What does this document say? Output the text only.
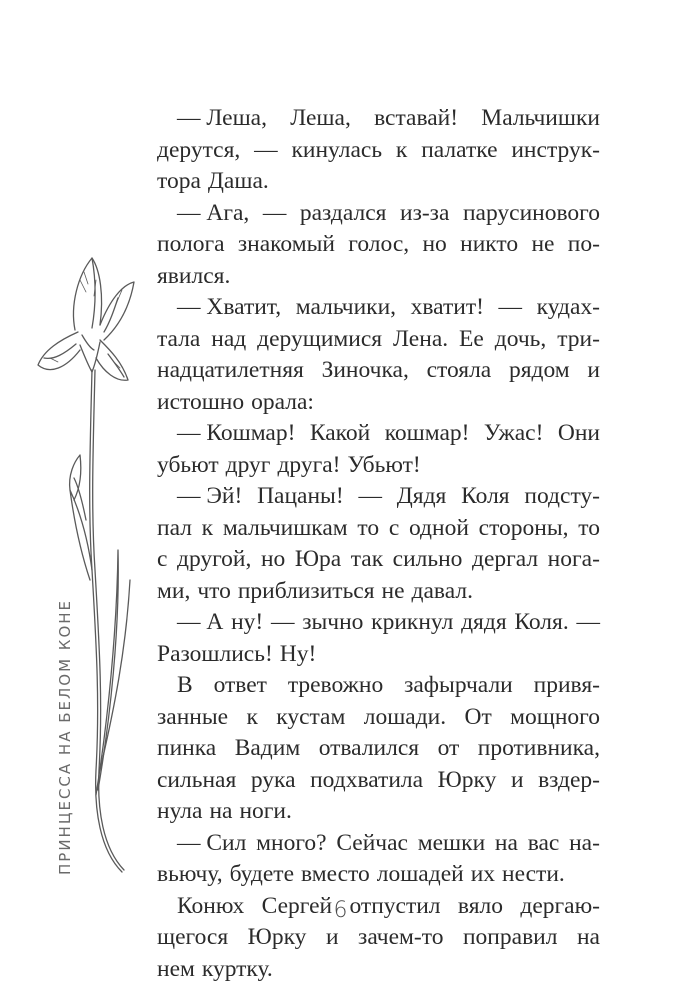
ПРИНЦЕССА НА БЕЛОМ КОНЕ
— Леша, Леша, вставай! Мальчишки
дерутся, — кинулась к палатке инструк-
тора Даша.
— Ага, — раздался из-за парусинового
полога знакомый голос, но никто не по-
явился.
— Хватит, мальчики, хватит! — кудах-
тала над дерущимися Лена. Ее дочь, три-
надцатилетняя Зиночка, стояла рядом и
истошно орала:
— Кошмар! Какой кошмар! Ужас! Они
убьют друг друга! Убьют!
— Эй! Пацаны! — Дядя Коля подсту-
пал к мальчишкам то с одной стороны, то
с другой, но Юра так сильно дергал нога-
ми, что приблизиться не давал.
— А ну! — зычно крикнул дядя Коля. —
Разошлись! Ну!
В ответ тревожно зафырчали привя-
занные к кустам лошади. От мощного
пинка Вадим отвалился от противника,
сильная рука подхватила Юрку и вздер-
нула на ноги.
— Сил много? Сейчас мешки на вас на-
вьючу, будете вместо лошадей их нести.
Конюх Сергей отпустил вяло дергаю-
щегося Юрку и зачем-то поправил на
нем куртку.
6
